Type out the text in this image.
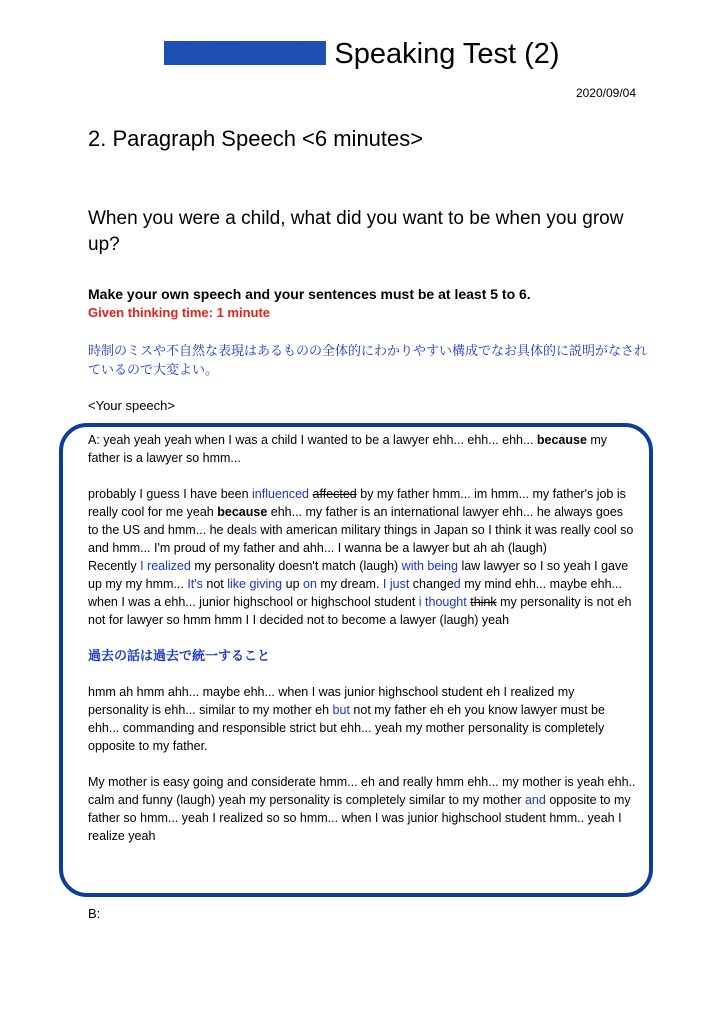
Mr. Tomoki Speaking Test (2)
2020/09/04
2. Paragraph Speech <6 minutes>
When you were a child, what did you want to be when you grow up?
Make your own speech and your sentences must be at least 5 to 6.
Given thinking time: 1 minute
時制のミスや不自然な表現はあるものの全体的にわかりやすい構成でなお具体的に説明がなされているので大変よい。
<Your speech>

A: yeah yeah yeah when I was a child I wanted to be a lawyer ehh... ehh... ehh... because my father is a lawyer so hmm...

probably I guess I have been influenced affected by my father hmm... im hmm... my father's job is really cool for me yeah because ehh... my father is an international lawyer ehh... he always goes to the US and hmm... he deals with american military things in Japan so I think it was really cool so and hmm... I'm proud of my father and ahh... I wanna be a lawyer but ah ah (laugh)

Recently I realized my personality doesn't match (laugh) with being law lawyer so I so yeah I gave up my my hmm... It's not like giving up on my dream. I just changed my mind ehh... maybe ehh... when I was a ehh... junior highschool or highschool student i thought think my personality is not eh not for lawyer so hmm hmm I I decided not to become a lawyer (laugh) yeah

過去の話は過去で統一すること

hmm ah hmm ahh... maybe ehh... when I was junior highschool student eh I realized my personality is ehh... similar to my mother eh but not my father eh eh you know lawyer must be ehh... commanding and responsible strict but ehh... yeah my mother personality is completely opposite to my father.

My mother is easy going and considerate hmm... eh and really hmm ehh... my mother is yeah ehh.. calm and funny (laugh) yeah my personality is completely similar to my mother and opposite to my father so hmm... yeah I realized so so hmm... when I was junior highschool student hmm.. yeah I realize yeah

B:
